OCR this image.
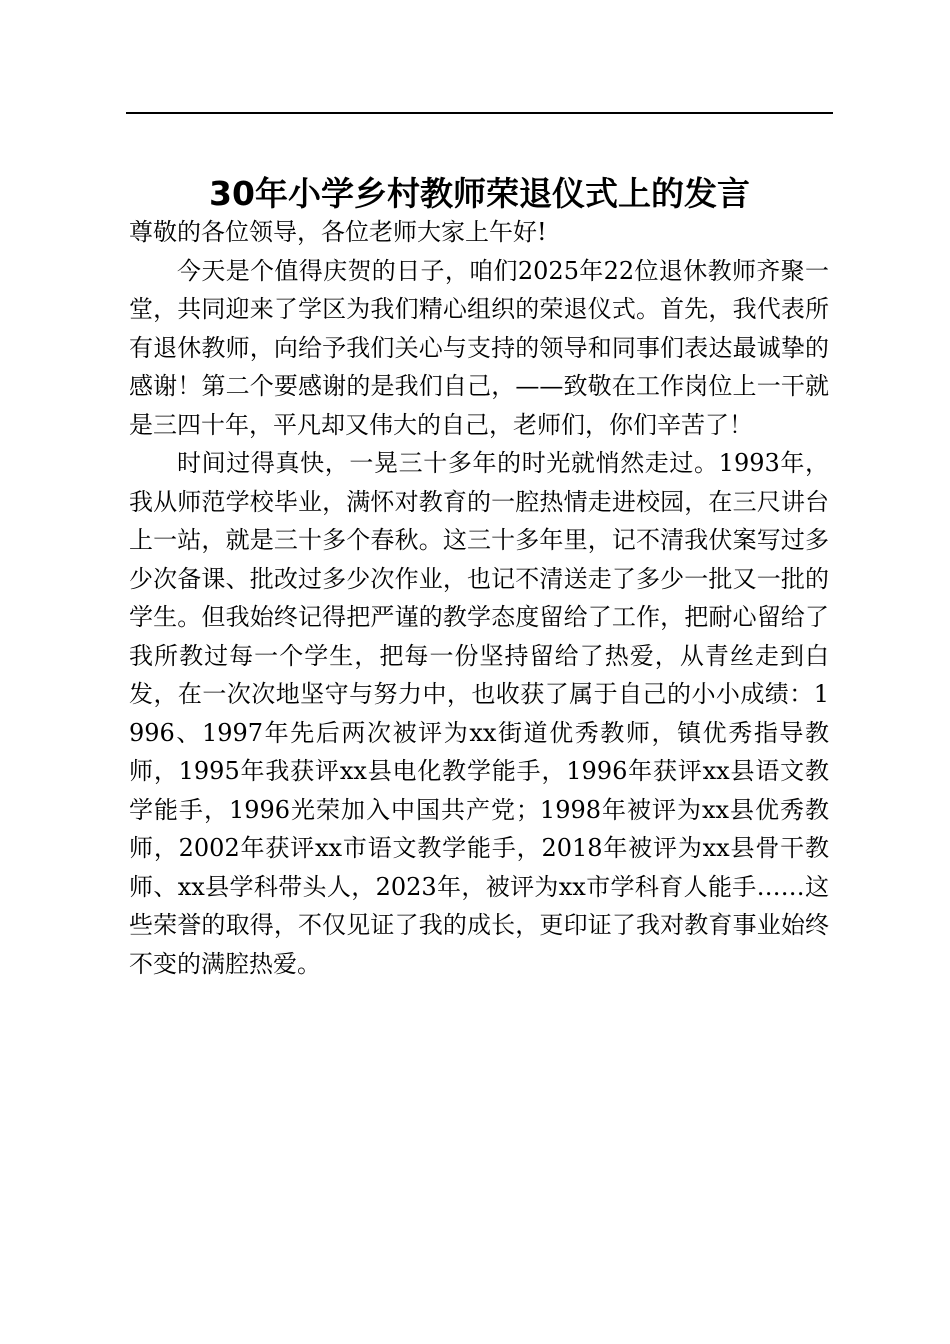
30年小学乡村教师荣退仪式上的发言

尊敬的各位领导，各位老师大家上午好!

今天是个值得庆贺的日子，咱们2025年22位退休教师齐聚一堂，共同迎来了学区为我们精心组织的荣退仪式。首先，我代表所有退休教师，向给予我们关心与支持的领导和同事们表达最诚挚的感谢！第二个要感谢的是我们自己，——致敬在工作岗位上一干就是三四十年，平凡却又伟大的自己，老师们，你们辛苦了！

时间过得真快，一晃三十多年的时光就悄然走过。1993年，我从师范学校毕业，满怀对教育的一腔热情走进校园，在三尺讲台上一站，就是三十多个春秋。这三十多年里，记不清我伏案写过多少次备课、批改过多少次作业，也记不清送走了多少一批又一批的学生。但我始终记得把严谨的教学态度留给了工作，把耐心留给了我所教过每一个学生，把每一份坚持留给了热爱，从青丝走到白发，在一次次地坚守与努力中，也收获了属于自己的小小成绩：1996、1997年先后两次被评为xx街道优秀教师，镇优秀指导教师，1995年我获评xx县电化教学能手，1996年获评xx县语文教学能手，1996光荣加入中国共产党；1998年被评为xx县优秀教师，2002年获评xx市语文教学能手，2018年被评为xx县骨干教师、xx县学科带头人，2023年，被评为xx市学科育人能手……这些荣誉的取得，不仅见证了我的成长，更印证了我对教育事业始终不变的满腔热爱。
